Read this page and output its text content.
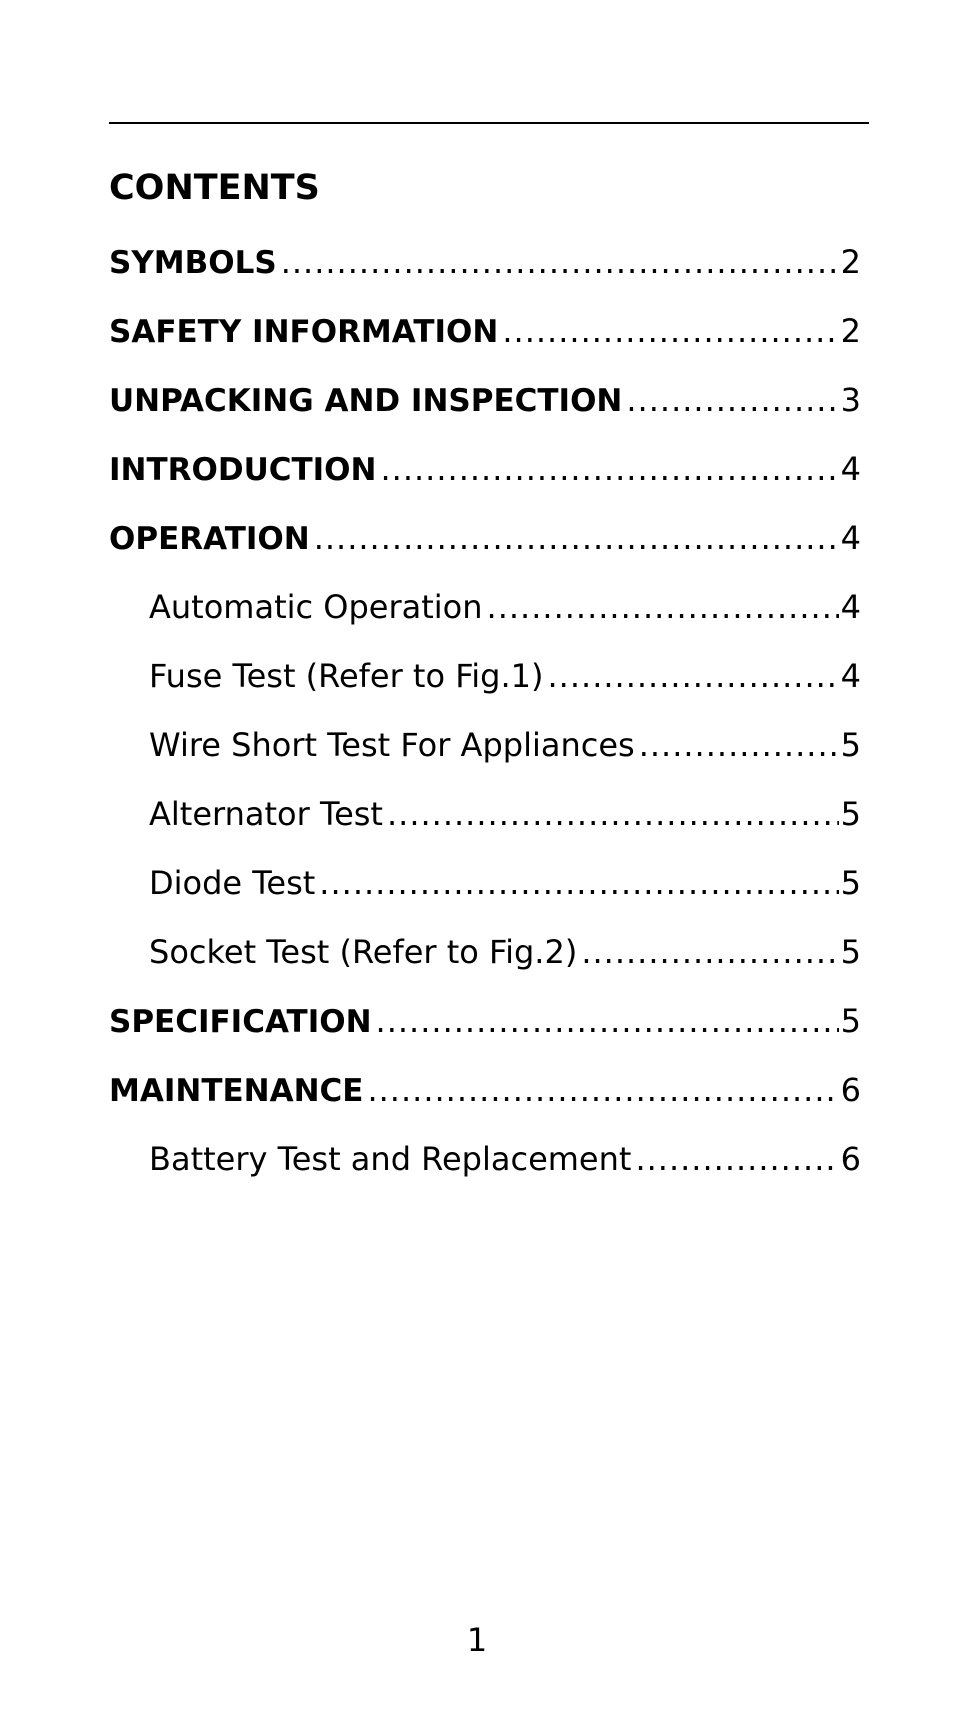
CONTENTS
SYMBOLS .....	2
SAFETY INFORMATION .....	2
UNPACKING AND INSPECTION .....	3
INTRODUCTION .....	4
OPERATION .....	4
Automatic Operation .....	4
Fuse Test (Refer to Fig.1) .....	4
Wire Short Test For Appliances .....	5
Alternator Test .....	5
Diode Test .....	5
Socket Test (Refer to Fig.2) .....	5
SPECIFICATION .....	5
MAINTENANCE .....	6
Battery Test and Replacement .....	6
1
